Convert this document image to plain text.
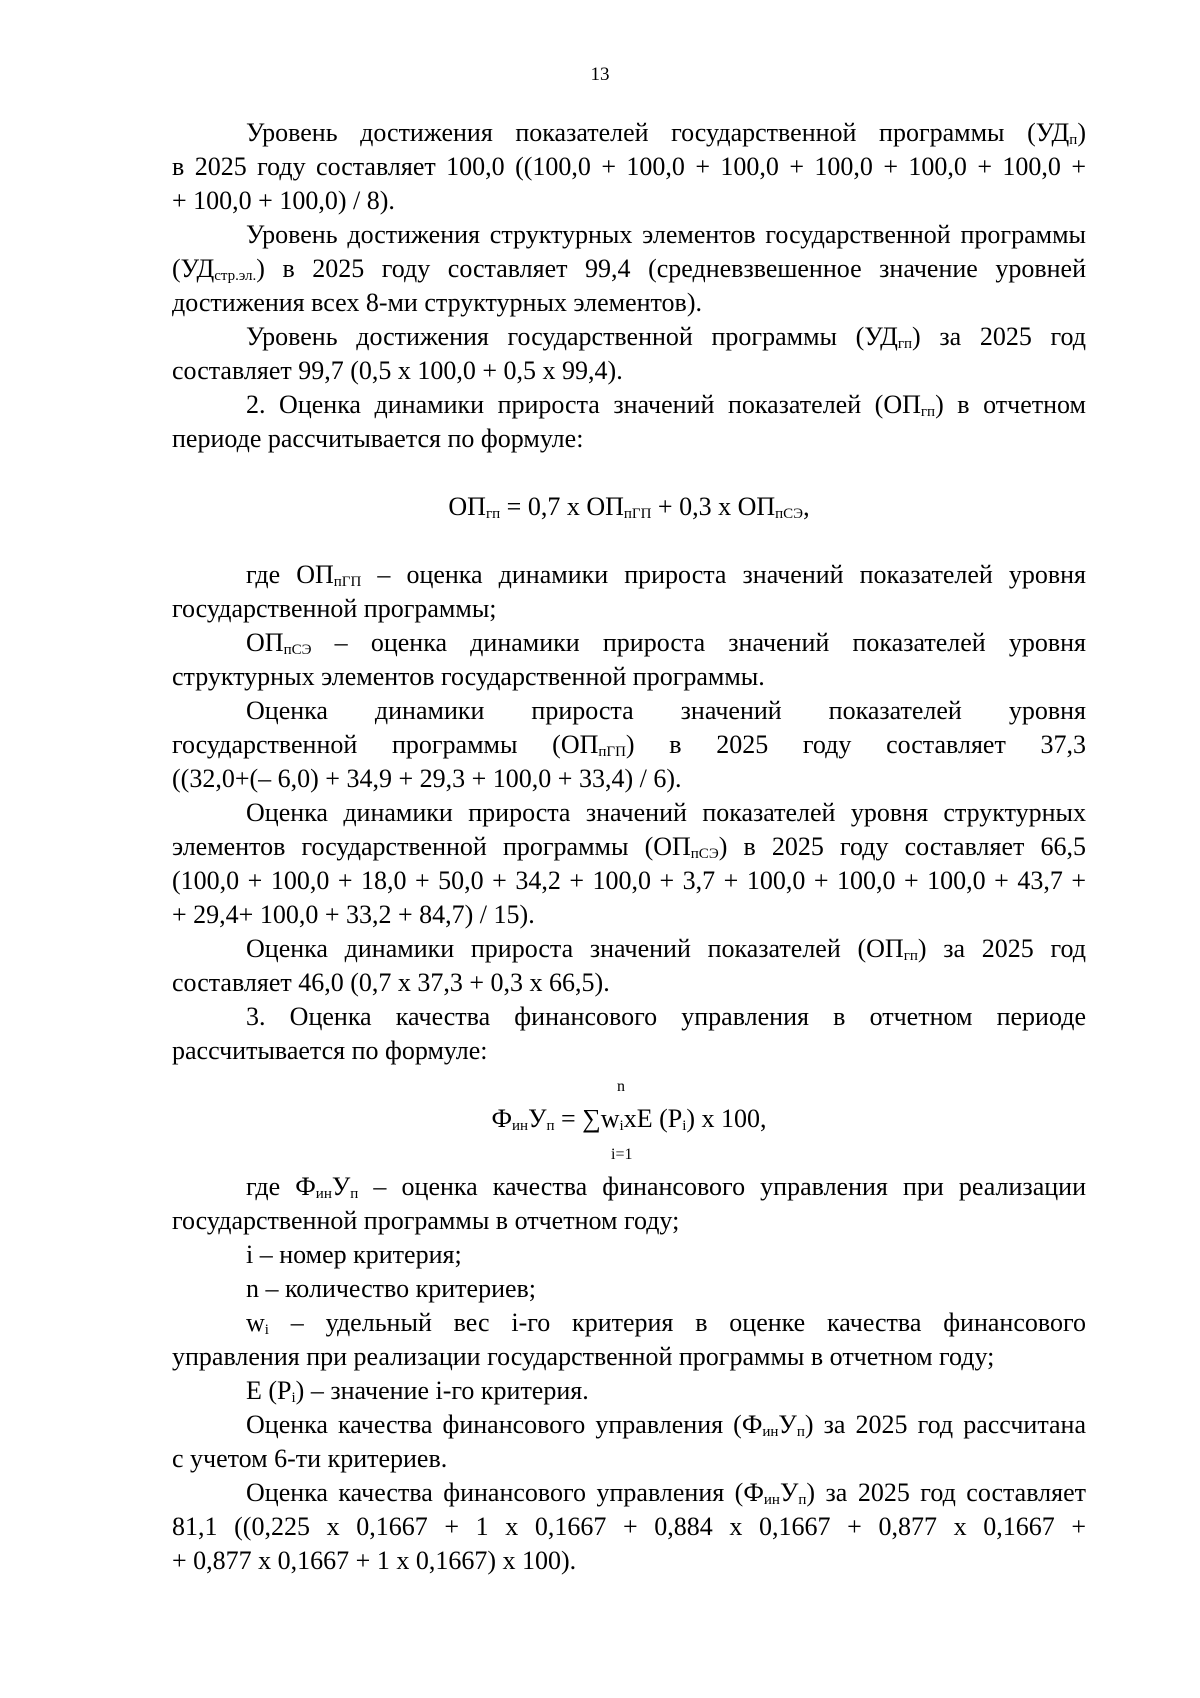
13
Уровень достижения показателей государственной программы $(УД_п)$
в 2025 году составляет 100,0 ((100,0 + 100,0 + 100,0 + 100,0 + 100,0 + 100,0 +
+ 100,0 + 100,0) / 8).
Уровень достижения структурных элементов государственной программы
$(УД_{стр.эл.})$ в 2025 году составляет 99,4 (средневзвешенное значение уровней
достижения всех 8-ми структурных элементов).
Уровень достижения государственной программы $(УД_{гп})$ за 2025 год
составляет 99,7 (0,5 х 100,0 + 0,5 х 99,4).
2. Оценка динамики прироста значений показателей $(ОП_{гп})$ в отчетном
периоде рассчитывается по формуле:
$ОП_{гп} = 0,7$ х $ОП_{пГП} + 0,3$ х $ОП_{пСЭ}$,
где $ОП_{пГП}$ – оценка динамики прироста значений показателей уровня
государственной программы;
$ОП_{пСЭ}$ – оценка динамики прироста значений показателей уровня
структурных элементов государственной программы.
Оценка динамики прироста значений показателей уровня
государственной программы $(ОП_{пГП})$ в 2025 году составляет 37,3
((32,0+(– 6,0) + 34,9 + 29,3 + 100,0 + 33,4) / 6).
Оценка динамики прироста значений показателей уровня структурных
элементов государственной программы $(ОП_{пСЭ})$ в 2025 году составляет 66,5
(100,0 + 100,0 + 18,0 + 50,0 + 34,2 + 100,0 + 3,7 + 100,0 + 100,0 + 100,0 + 43,7 +
+ 29,4+ 100,0 + 33,2 + 84,7) / 15).
Оценка динамики прироста значений показателей $(ОП_{гп})$ за 2025 год
составляет 46,0 (0,7 х 37,3 + 0,3 х 66,5).
3. Оценка качества финансового управления в отчетном периоде
рассчитывается по формуле:
n
$Ф_{ин}У_п = \sum w_iхЕ$ $(Р_i)$ х 100,
i=1
где $Ф_{ин}У_п$ – оценка качества финансового управления при реализации
государственной программы в отчетном году;
i – номер критерия;
n – количество критериев;
$w_i$ – удельный вес i-го критерия в оценке качества финансового
управления при реализации государственной программы в отчетном году;
Е $(Р_i)$ – значение i-го критерия.
Оценка качества финансового управления $(Ф_{ин}У_п)$ за 2025 год рассчитана
с учетом 6-ти критериев.
Оценка качества финансового управления $(Ф_{ин}У_п)$ за 2025 год составляет
81,1 ((0,225 х 0,1667 + 1 х 0,1667 + 0,884 х 0,1667 + 0,877 х 0,1667 +
+ 0,877 х 0,1667 + 1 х 0,1667) х 100).
